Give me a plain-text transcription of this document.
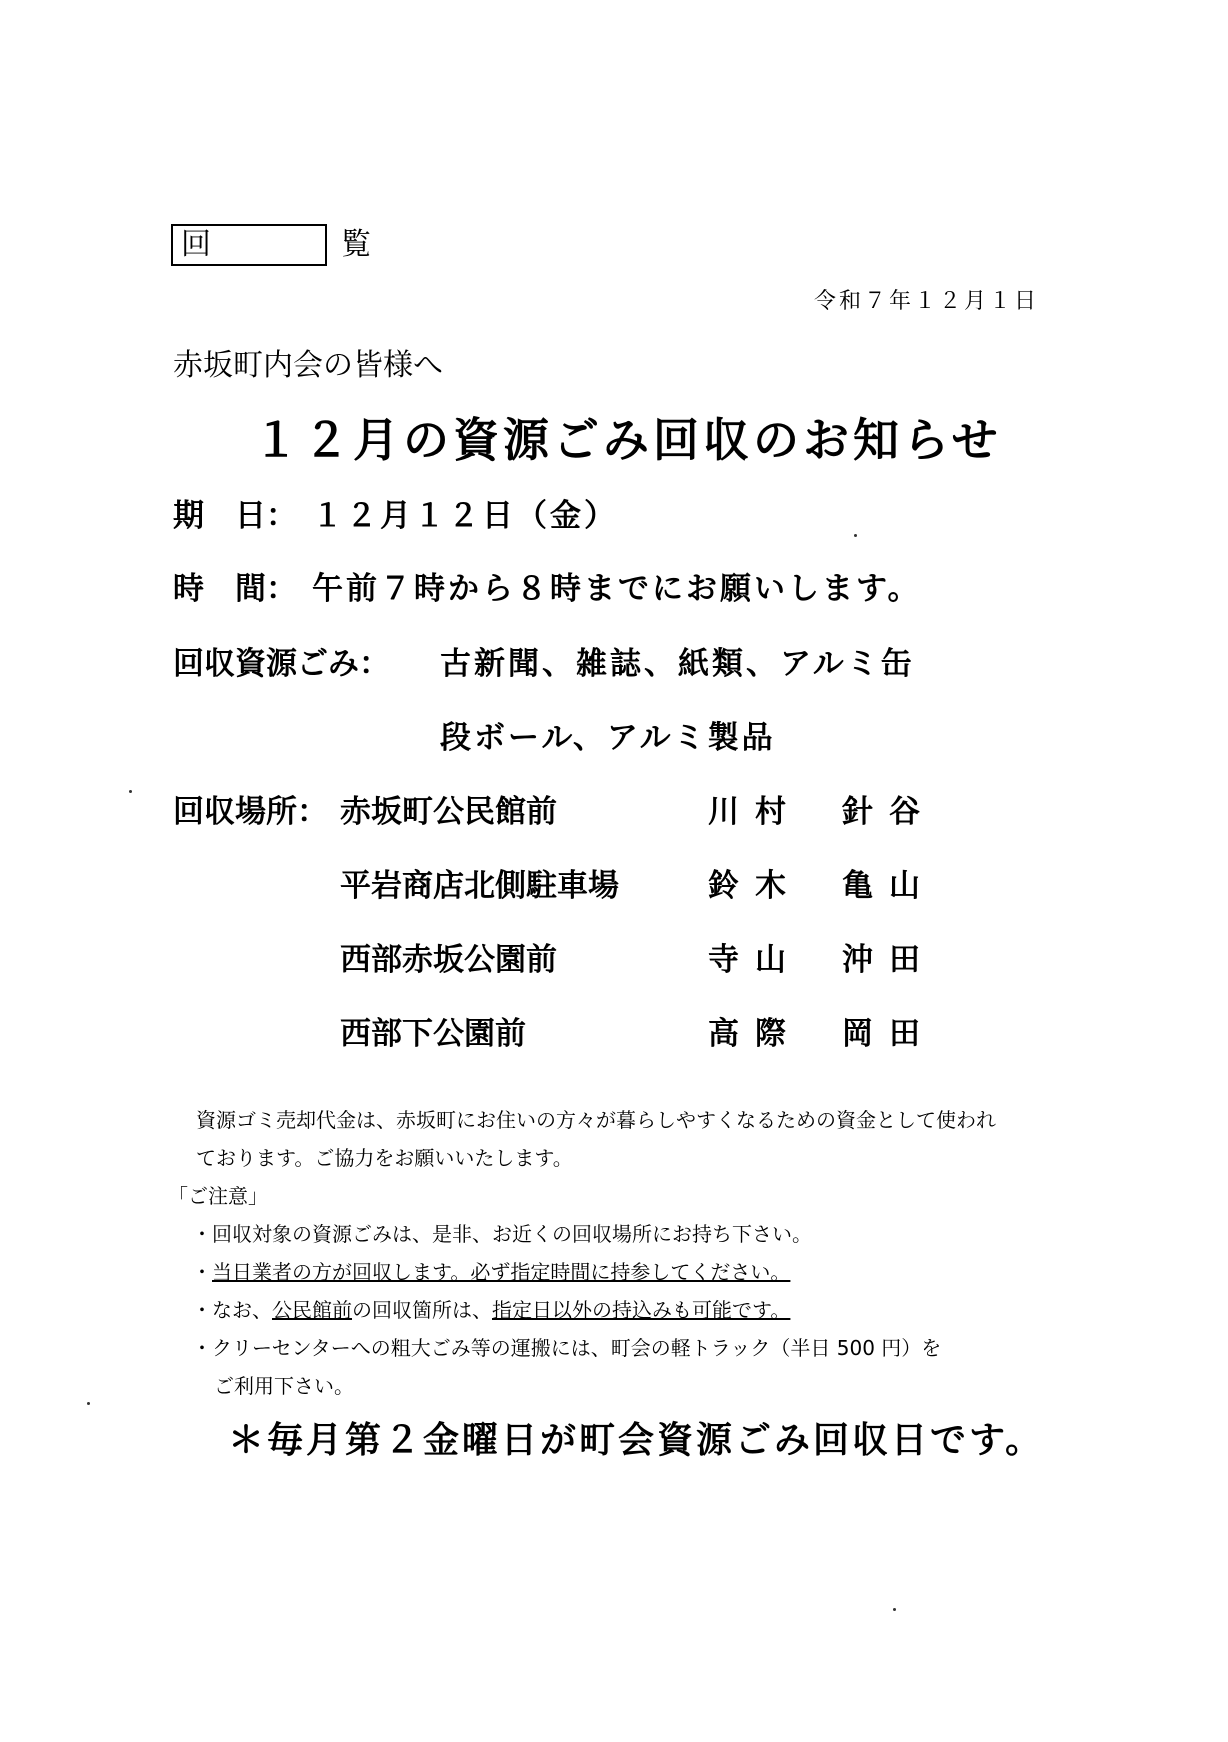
回　覧
令和７年１２月１日
赤坂町内会の皆様へ
１２月の資源ごみ回収のお知らせ
期　日： １２月１２日（金）
時　間： 午前７時から８時までにお願いします。
回収資源ごみ： 古新聞、雑誌、紙類、アルミ缶
段ボール、アルミ製品
回収場所： 赤坂町公民館前	川村 針谷
平岩商店北側駐車場	鈴木 亀山
西部赤坂公園前	寺山 沖田
西部下公園前	高際 岡田
資源ゴミ売却代金は、赤坂町にお住いの方々が暮らしやすくなるための資金として使われ
ております。ご協力をお願いいたします。
「ご注意」
・回収対象の資源ごみは、是非、お近くの回収場所にお持ち下さい。
・当日業者の方が回収します。必ず指定時間に持参してください。
・なお、公民館前の回収箇所は、指定日以外の持込みも可能です。
・クリーセンターへの粗大ごみ等の運搬には、町会の軽トラック（半日 500 円）を
ご利用下さい。
＊毎月第２金曜日が町会資源ごみ回収日です。
